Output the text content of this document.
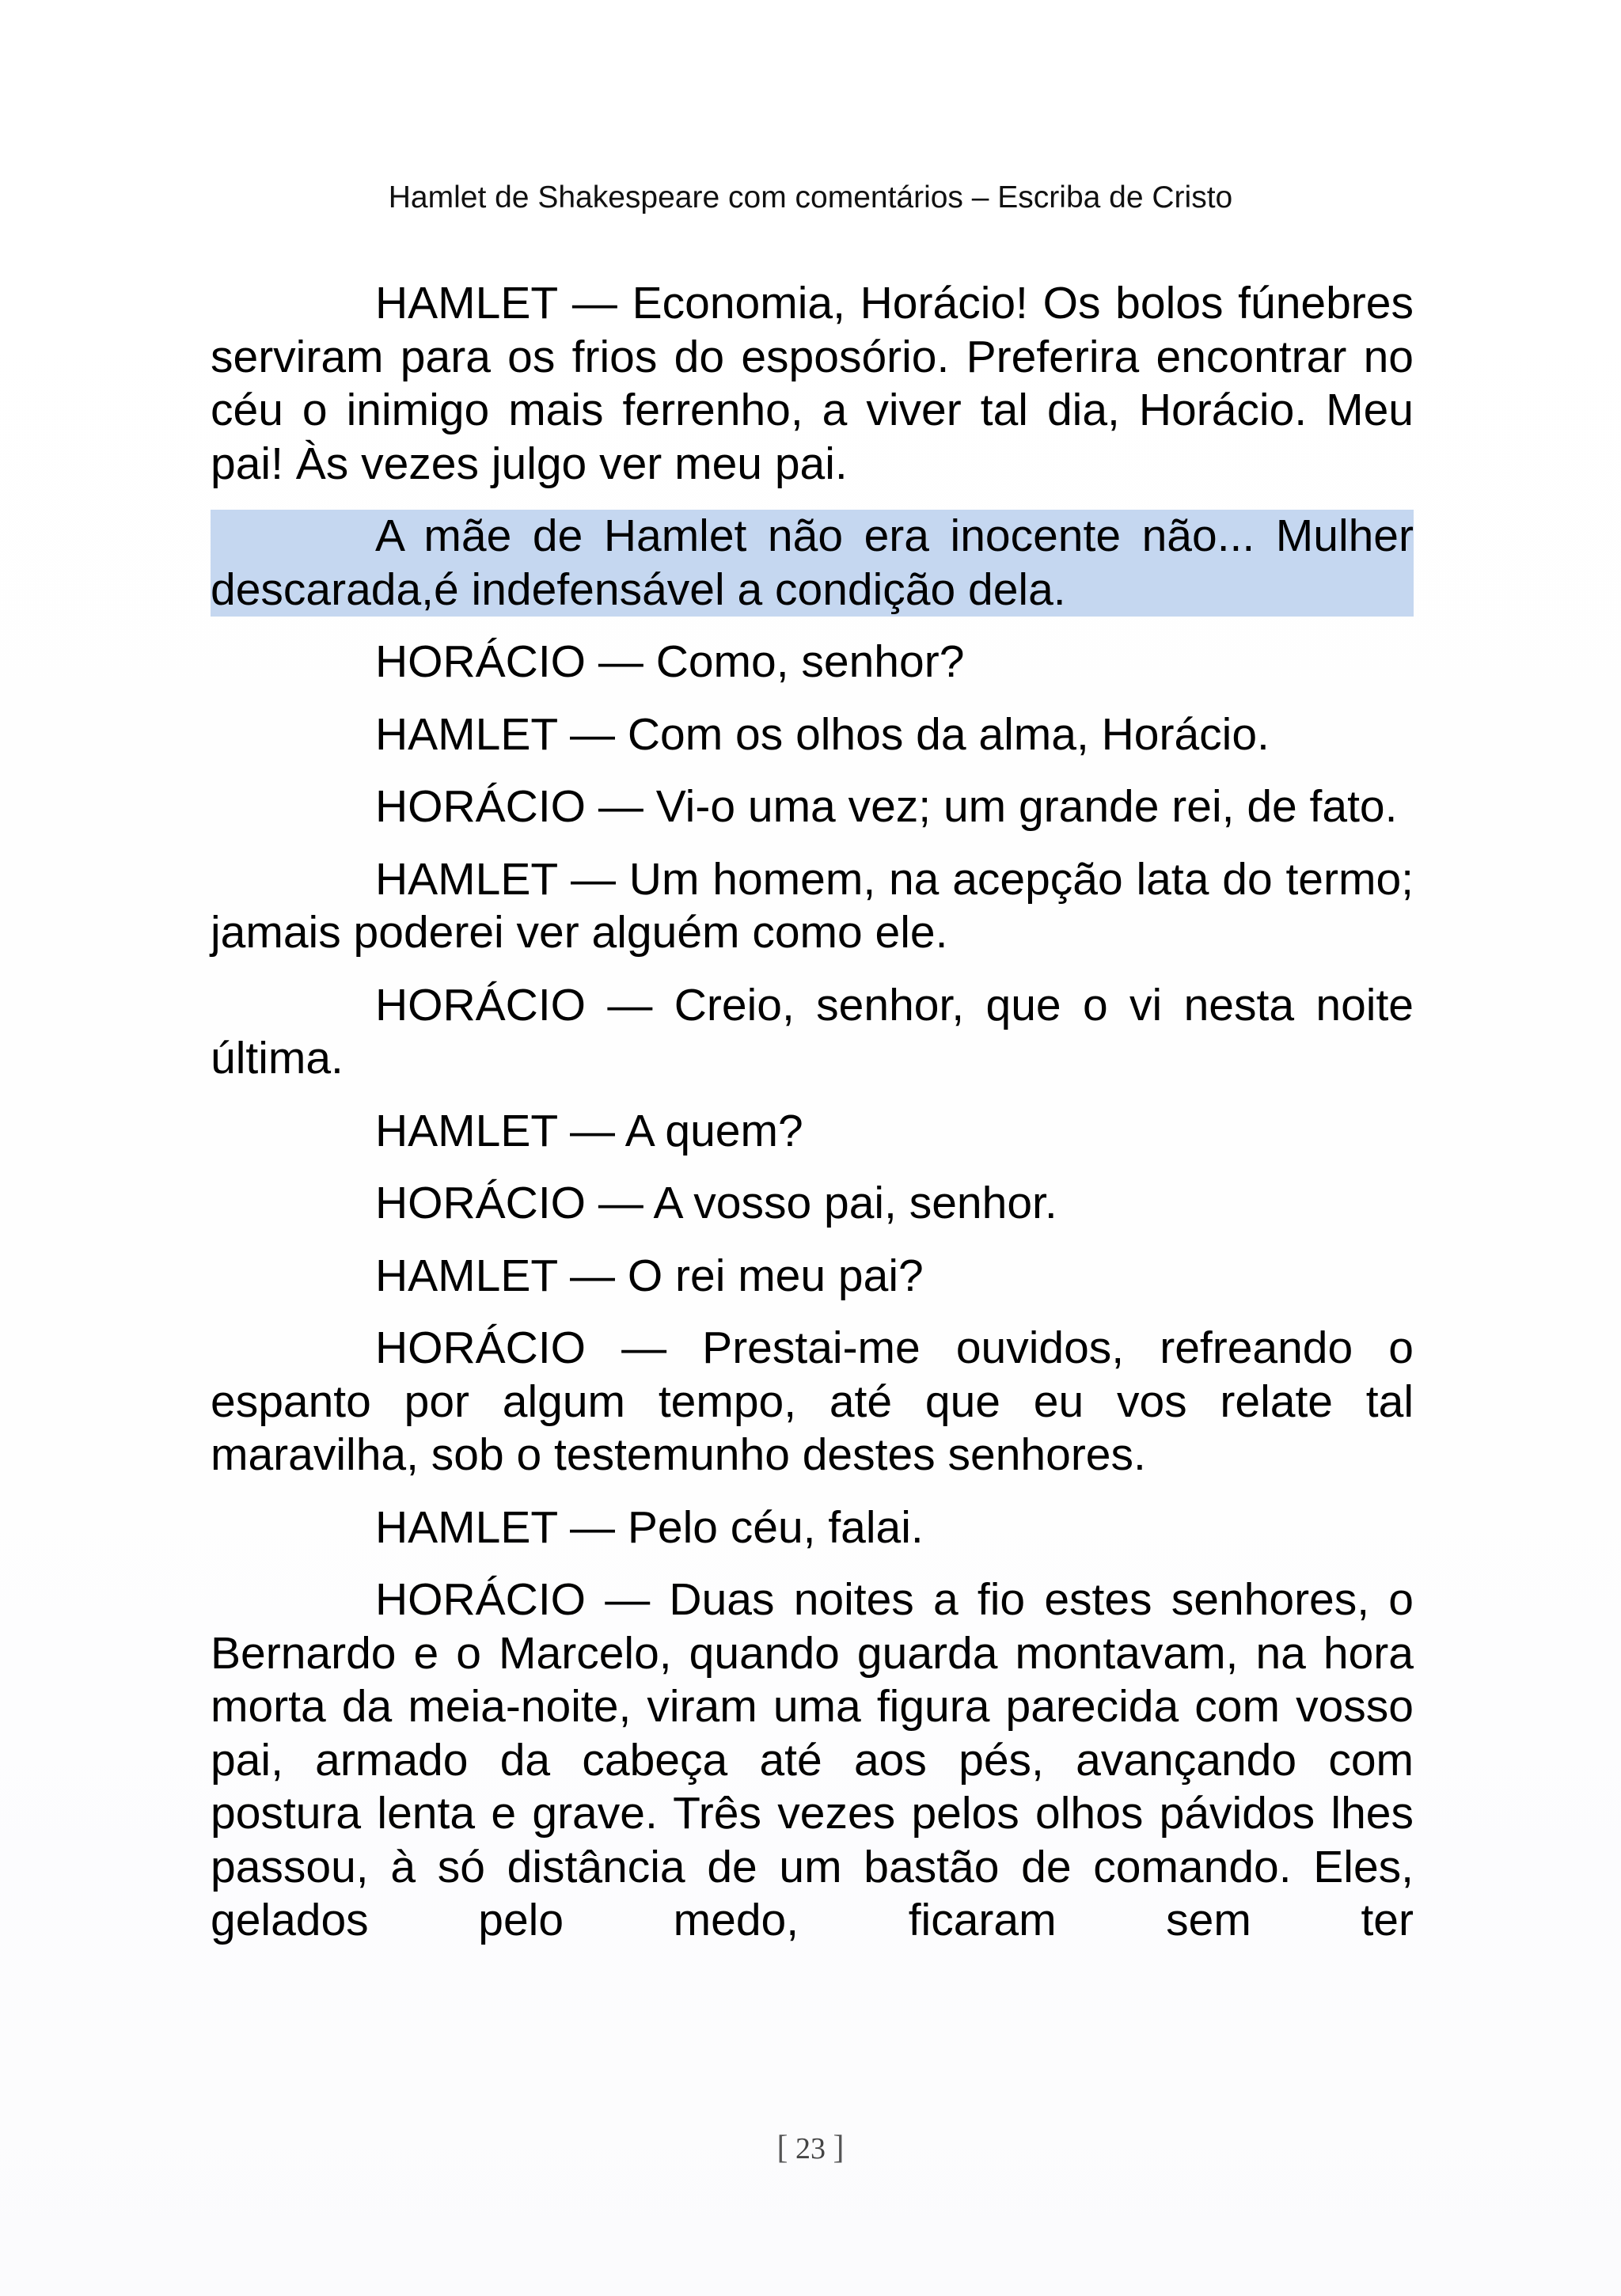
Hamlet de Shakespeare com comentários – Escriba de Cristo

HAMLET — Economia, Horácio! Os bolos fúnebres serviram para os frios do esposório. Preferira encontrar no céu o inimigo mais ferrenho, a viver tal dia, Horácio. Meu pai! Às vezes julgo ver meu pai.

A mãe de Hamlet não era inocente não... Mulher descarada,é indefensável a condição dela.

HORÁCIO — Como, senhor?

HAMLET — Com os olhos da alma, Horácio.

HORÁCIO — Vi-o uma vez; um grande rei, de fato.

HAMLET — Um homem, na acepção lata do termo; jamais poderei ver alguém como ele.

HORÁCIO — Creio, senhor, que o vi nesta noite última.

HAMLET — A quem?

HORÁCIO — A vosso pai, senhor.

HAMLET — O rei meu pai?

HORÁCIO — Prestai-me ouvidos, refreando o espanto por algum tempo, até que eu vos relate tal maravilha, sob o testemunho destes senhores.

HAMLET — Pelo céu, falai.

HORÁCIO — Duas noites a fio estes senhores, o Bernardo e o Marcelo, quando guarda montavam, na hora morta da meia-noite, viram uma figura parecida com vosso pai, armado da cabeça até aos pés, avançando com postura lenta e grave. Três vezes pelos olhos pávidos lhes passou, à só distância de um bastão de comando. Eles, gelados pelo medo, ficaram sem ter

[ 23 ]
